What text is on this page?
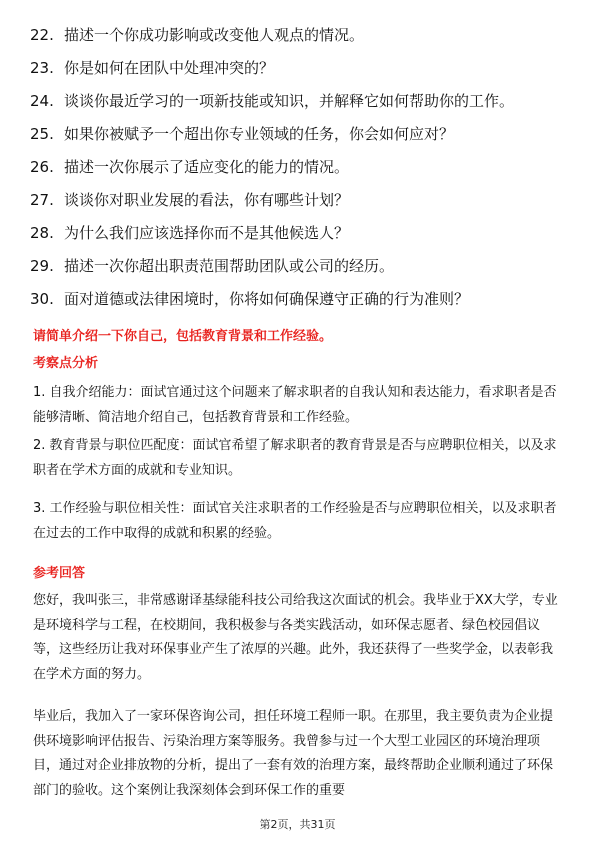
22. 描述一个你成功影响或改变他人观点的情况。
23. 你是如何在团队中处理冲突的？
24. 谈谈你最近学习的一项新技能或知识，并解释它如何帮助你的工作。
25. 如果你被赋予一个超出你专业领域的任务，你会如何应对？
26. 描述一次你展示了适应变化的能力的情况。
27. 谈谈你对职业发展的看法，你有哪些计划？
28. 为什么我们应该选择你而不是其他候选人？
29. 描述一次你超出职责范围帮助团队或公司的经历。
30. 面对道德或法律困境时，你将如何确保遵守正确的行为准则？
请简单介绍一下你自己，包括教育背景和工作经验。
考察点分析
1. 自我介绍能力：面试官通过这个问题来了解求职者的自我认知和表达能力，看求职者是否能够清晰、简洁地介绍自己，包括教育背景和工作经验。
2. 教育背景与职位匹配度：面试官希望了解求职者的教育背景是否与应聘职位相关，以及求职者在学术方面的成就和专业知识。
3. 工作经验与职位相关性：面试官关注求职者的工作经验是否与应聘职位相关，以及求职者在过去的工作中取得的成就和积累的经验。
参考回答
您好，我叫张三，非常感谢译基绿能科技公司给我这次面试的机会。我毕业于XX大学，专业是环境科学与工程，在校期间，我积极参与各类实践活动，如环保志愿者、绿色校园倡议等，这些经历让我对环保事业产生了浓厚的兴趣。此外，我还获得了一些奖学金，以表彰我在学术方面的努力。
毕业后，我加入了一家环保咨询公司，担任环境工程师一职。在那里，我主要负责为企业提供环境影响评估报告、污染治理方案等服务。我曾参与过一个大型工业园区的环境治理项目，通过对企业排放物的分析，提出了一套有效的治理方案，最终帮助企业顺利通过了环保部门的验收。这个案例让我深刻体会到环保工作的重要
第2页，共31页
